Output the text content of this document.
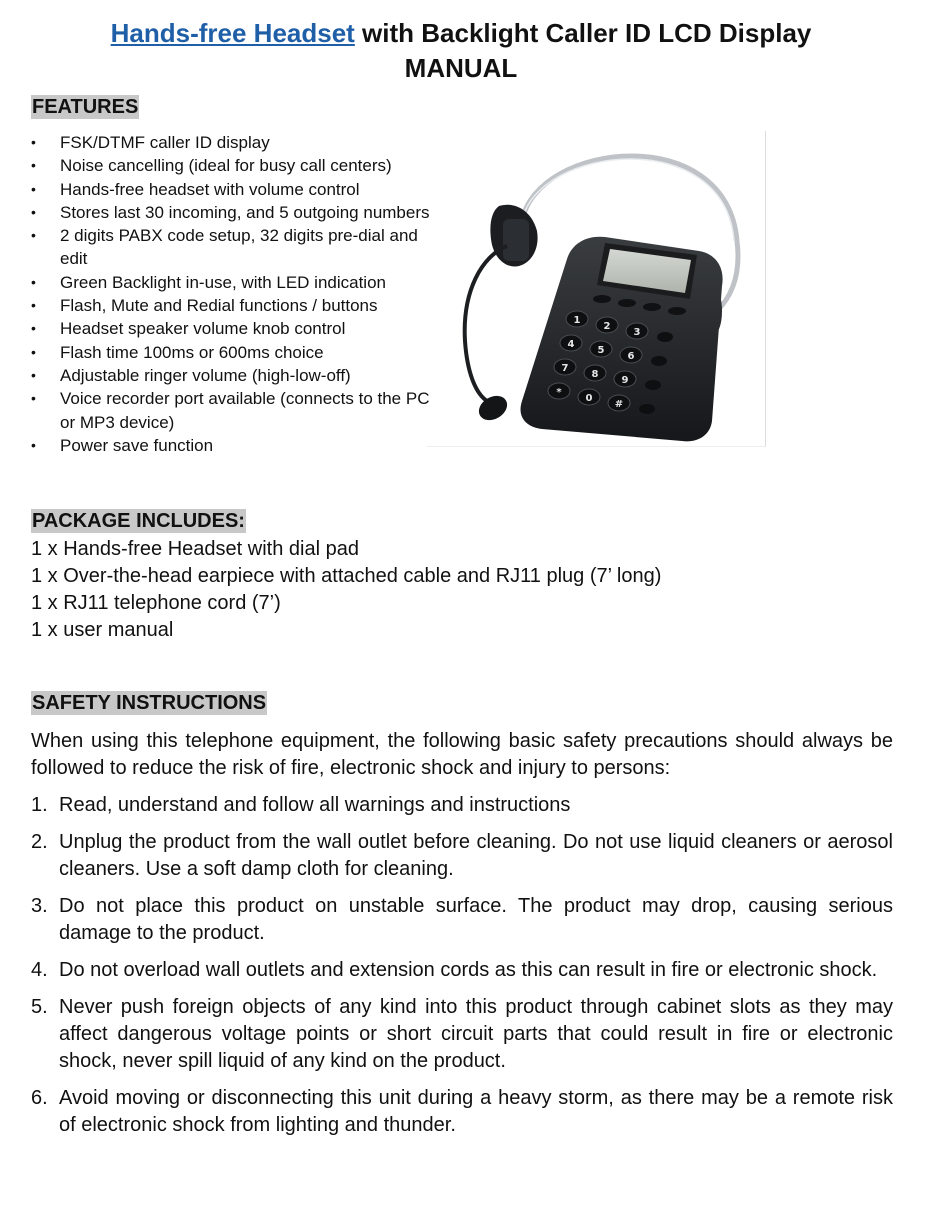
Hands-free Headset with Backlight Caller ID LCD Display
MANUAL
FEATURES
• FSK/DTMF caller ID display
• Noise cancelling (ideal for busy call centers)
• Hands-free headset with volume control
• Stores last 30 incoming, and 5 outgoing numbers
• 2 digits PABX code setup, 32 digits pre-dial and edit
• Green Backlight in-use, with LED indication
• Flash, Mute and Redial functions / buttons
• Headset speaker volume knob control
• Flash time 100ms or 600ms choice
• Adjustable ringer volume (high-low-off)
• Voice recorder port available (connects to the PC or MP3 device)
• Power save function
1
2
3
4
5
6
7
8
9
*
0
#
PACKAGE INCLUDES:
1 x Hands-free Headset with dial pad
1 x Over-the-head earpiece with attached cable and RJ11 plug (7’ long)
1 x RJ11 telephone cord (7’)
1 x user manual
SAFETY INSTRUCTIONS
When using this telephone equipment, the following basic safety precautions should always be followed to reduce the risk of fire, electronic shock and injury to persons:
1. Read, understand and follow all warnings and instructions
2. Unplug the product from the wall outlet before cleaning. Do not use liquid cleaners or aerosol cleaners. Use a soft damp cloth for cleaning.
3. Do not place this product on unstable surface. The product may drop, causing serious damage to the product.
4. Do not overload wall outlets and extension cords as this can result in fire or electronic shock.
5. Never push foreign objects of any kind into this product through cabinet slots as they may affect dangerous voltage points or short circuit parts that could result in fire or electronic shock, never spill liquid of any kind on the product.
6. Avoid moving or disconnecting this unit during a heavy storm, as there may be a remote risk of electronic shock from lighting and thunder.
